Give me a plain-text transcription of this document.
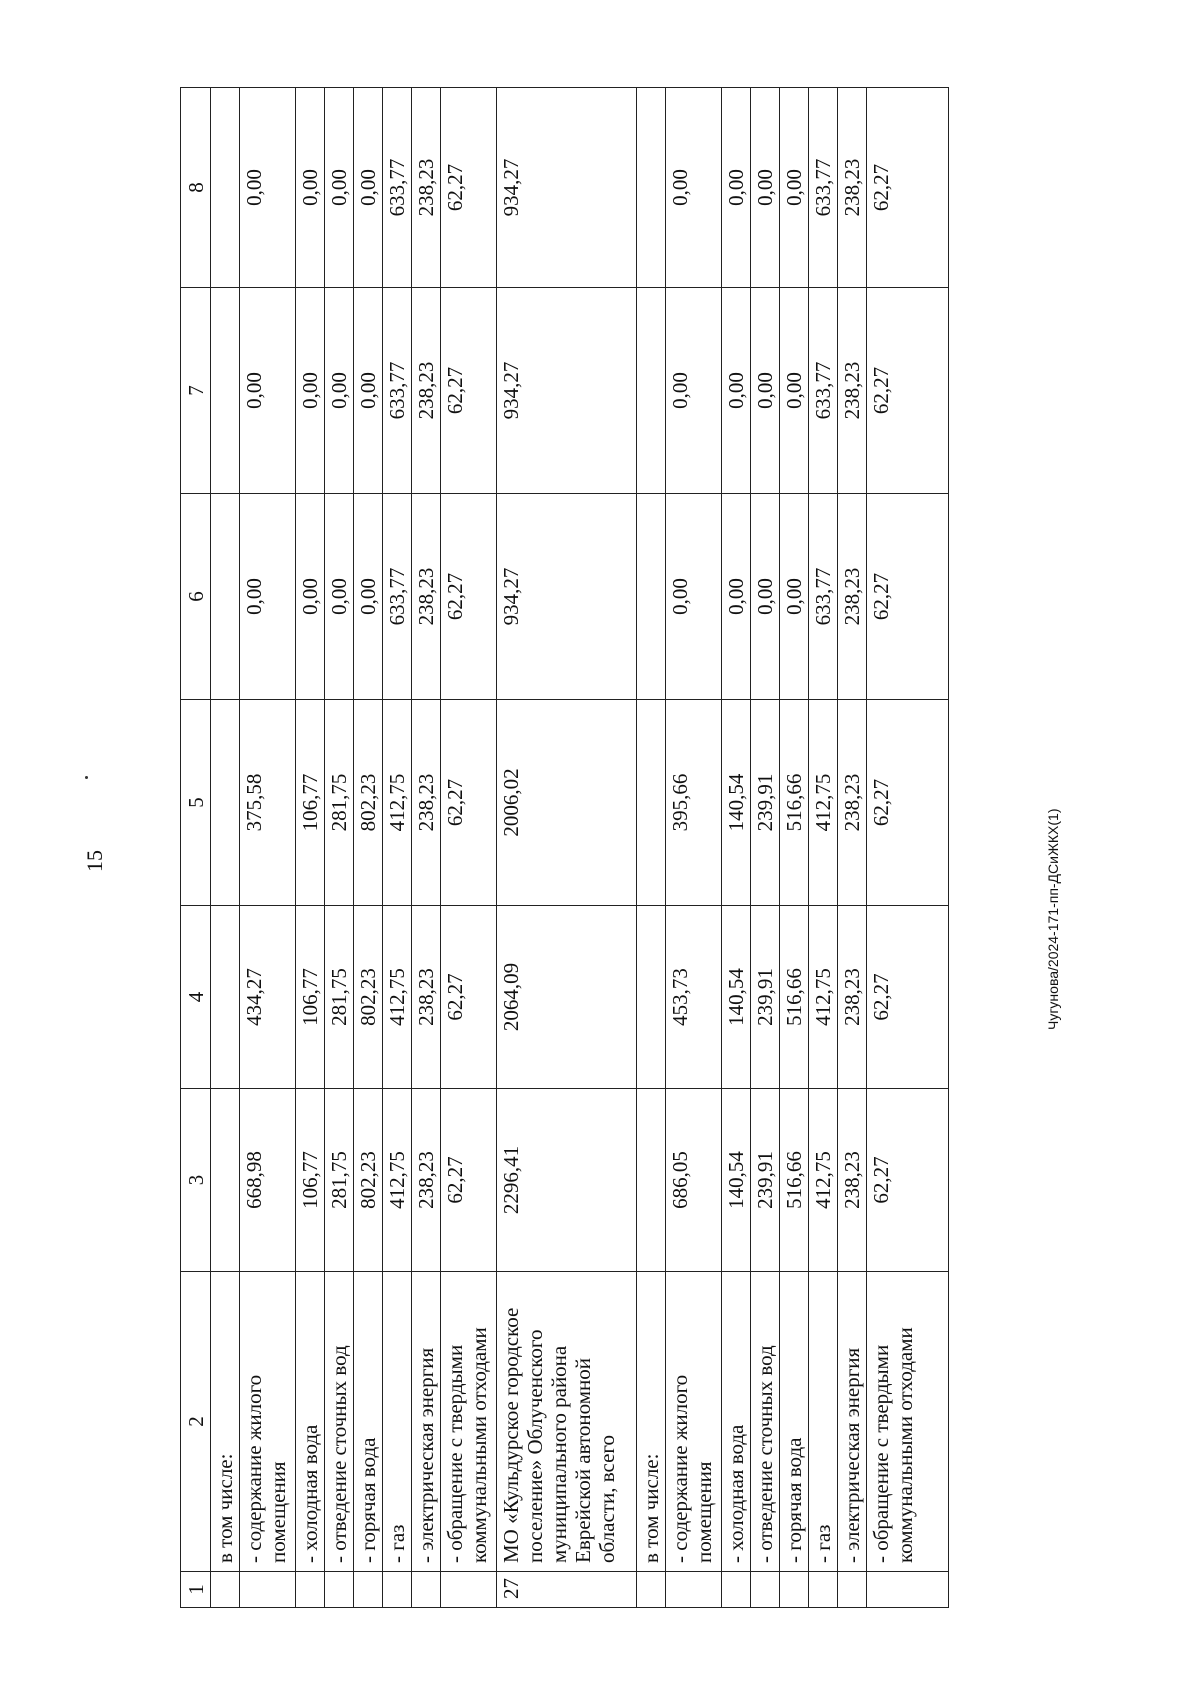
15	Чугунова/2024-171-пп-ДСиЖКХ(1)
1	2	3	4	5	6	7	8
	в том числе:						
	- содержание жилого помещения	668,98	434,27	375,58	0,00	0,00	0,00
	- холодная вода	106,77	106,77	106,77	0,00	0,00	0,00
	- отведение сточных вод	281,75	281,75	281,75	0,00	0,00	0,00
	- горячая вода	802,23	802,23	802,23	0,00	0,00	0,00
	- газ	412,75	412,75	412,75	633,77	633,77	633,77
	- электрическая энергия	238,23	238,23	238,23	238,23	238,23	238,23
	- обращение с твердыми коммунальными отходами	62,27	62,27	62,27	62,27	62,27	62,27
27	МО «Кульдурское городское поселение» Облученского муниципального района Еврейской автономной области, всего	2296,41	2064,09	2006,02	934,27	934,27	934,27
	в том числе:						
	- содержание жилого помещения	686,05	453,73	395,66	0,00	0,00	0,00
	- холодная вода	140,54	140,54	140,54	0,00	0,00	0,00
	- отведение сточных вод	239,91	239,91	239,91	0,00	0,00	0,00
	- горячая вода	516,66	516,66	516,66	0,00	0,00	0,00
	- газ	412,75	412,75	412,75	633,77	633,77	633,77
	- электрическая энергия	238,23	238,23	238,23	238,23	238,23	238,23
	- обращение с твердыми коммунальными отходами	62,27	62,27	62,27	62,27	62,27	62,27
